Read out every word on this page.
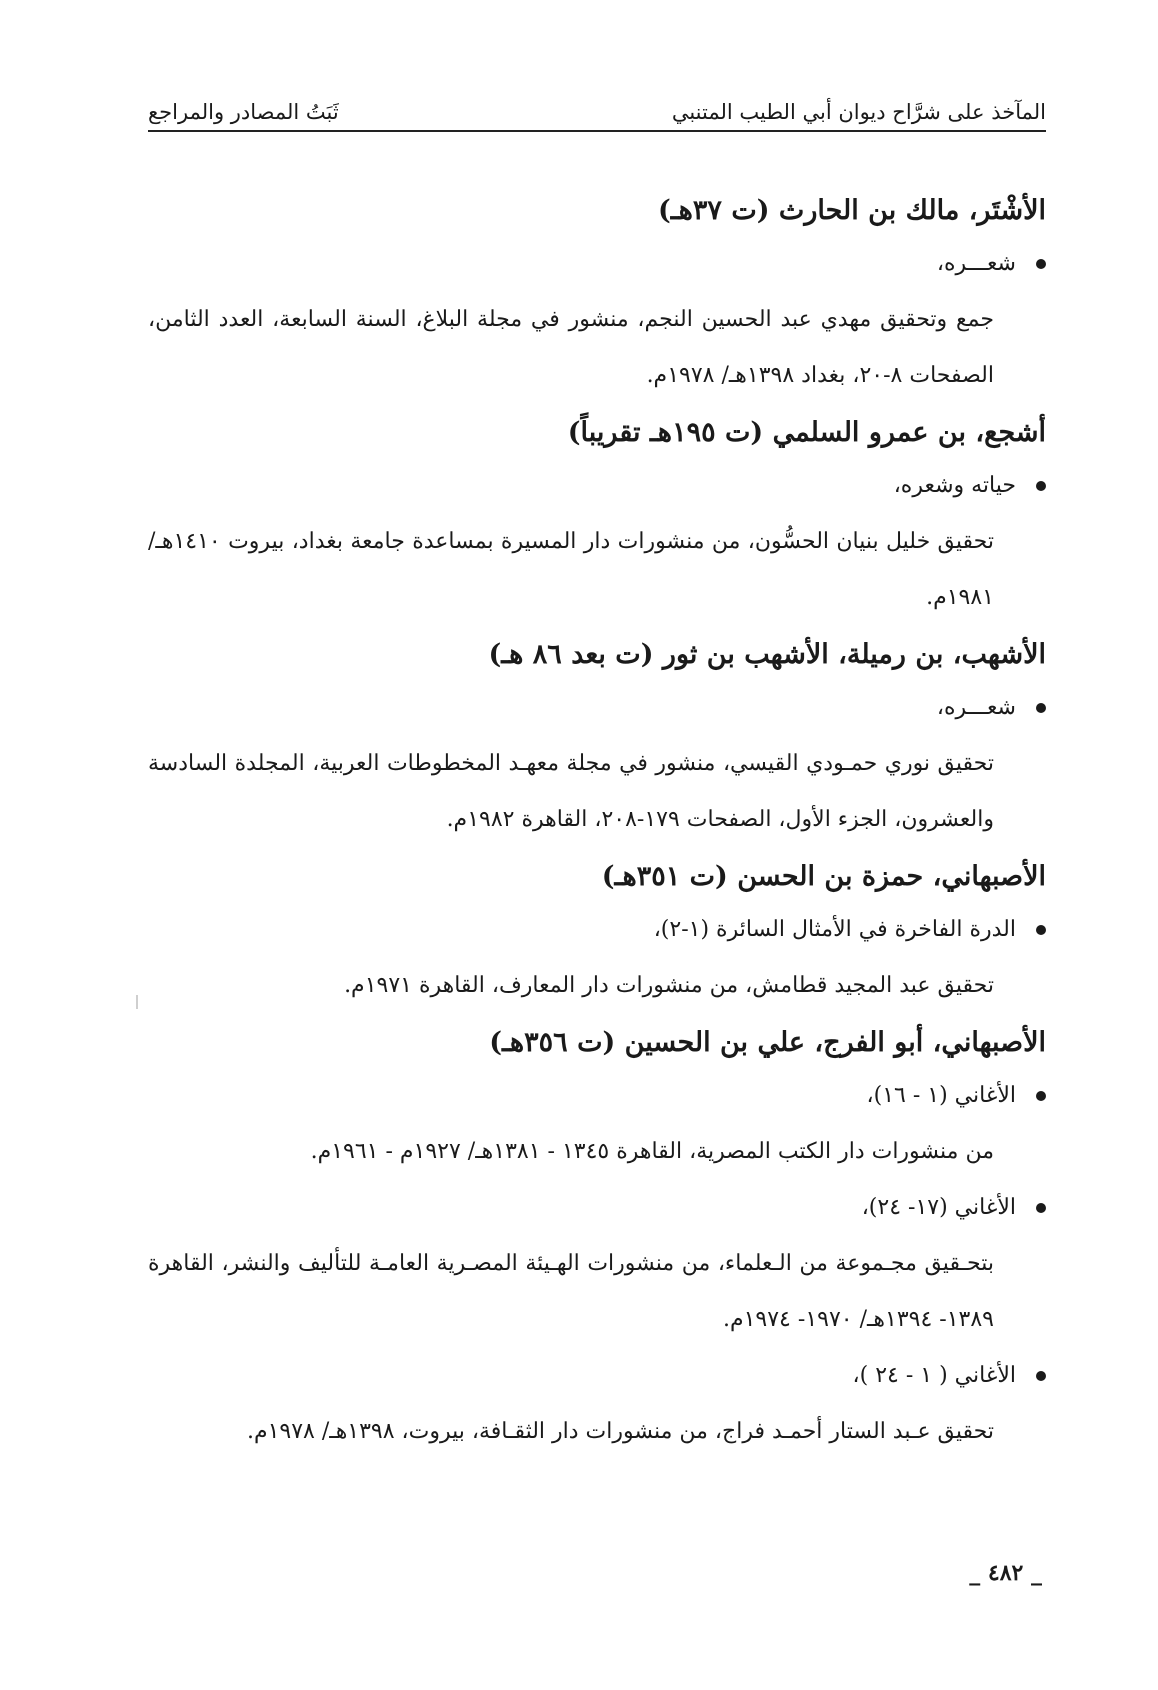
المآخذ على شرَّاح ديوان أبي الطيب المتنبي
ثَبَتُ المصادر والمراجع
الأشْتَر، مالك بن الحارث (ت ٣٧هـ)
شعـــره،
جمع وتحقيق مهدي عبد الحسين النجم، منشور في مجلة البلاغ، السنة السابعة، العدد الثامن، الصفحات ٨-٢٠، بغداد ١٣٩٨هـ/ ١٩٧٨م.
أشجع، بن عمرو السلمي (ت ١٩٥هـ تقريباً)
حياته وشعره،
تحقيق خليل بنيان الحسُّون، من منشورات دار المسيرة بمساعدة جامعة بغداد، بيروت ١٤١٠هـ/ ١٩٨١م.
الأشهب، بن رميلة، الأشهب بن ثور (ت بعد ٨٦ هـ)
شعـــره،
تحقيق نوري حمـودي القيسي، منشور في مجلة معهـد المخطوطات العربية، المجلدة السادسة والعشرون، الجزء الأول، الصفحات ١٧٩-٢٠٨، القاهرة ١٩٨٢م.
الأصبهاني، حمزة بن الحسن (ت ٣٥١هـ)
الدرة الفاخرة في الأمثال السائرة (١-٢)،
تحقيق عبد المجيد قطامش، من منشورات دار المعارف، القاهرة ١٩٧١م.
الأصبهاني، أبو الفرج، علي بن الحسين (ت ٣٥٦هـ)
الأغاني (١ - ١٦)،
من منشورات دار الكتب المصرية، القاهرة ١٣٤٥ - ١٣٨١هـ/ ١٩٢٧م - ١٩٦١م.
الأغاني (١٧- ٢٤)،
بتحـقيق مجـموعة من الـعلماء، من منشورات الهـيئة المصـرية العامـة للتأليف والنشر، القاهرة ١٣٨٩- ١٣٩٤هـ/ ١٩٧٠- ١٩٧٤م.
الأغاني ( ١ - ٢٤ )،
تحقيق عـبد الستار أحمـد فراج، من منشورات دار الثقـافة، بيروت، ١٣٩٨هـ/ ١٩٧٨م.
_ ٤٨٢ _
